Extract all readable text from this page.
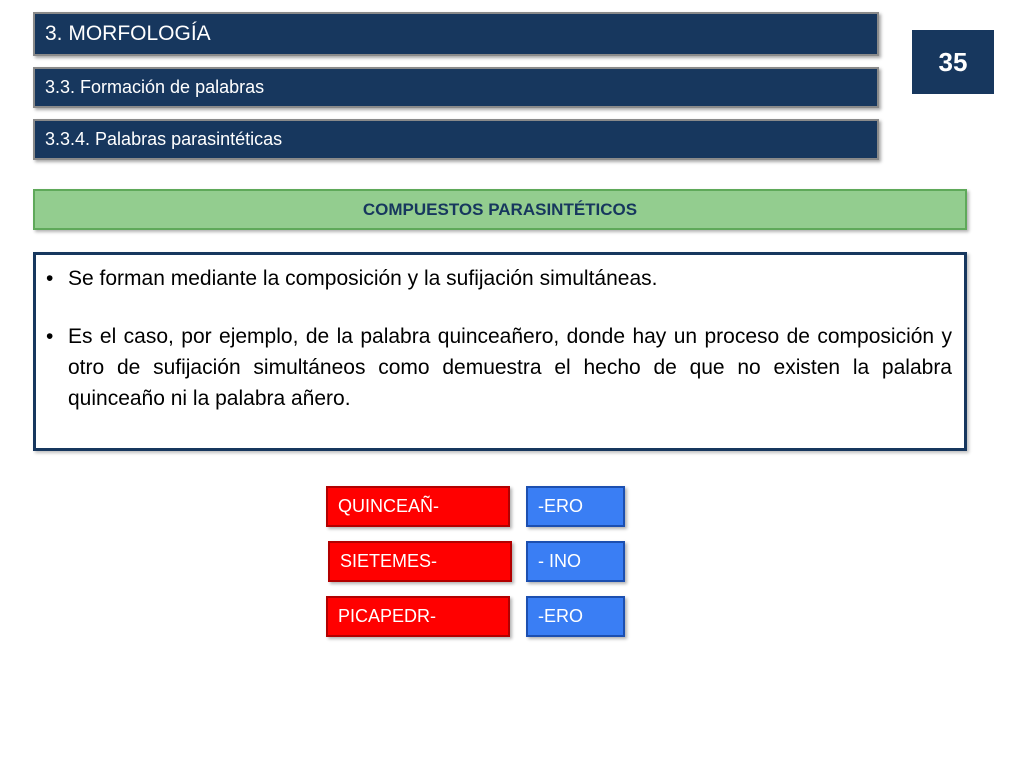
3. MORFOLOGÍA
3.3. Formación de palabras
3.3.4. Palabras parasintéticas
35
COMPUESTOS PARASINTÉTICOS
• Se forman mediante la composición y la sufijación simultáneas.
• Es el caso, por ejemplo, de la palabra quinceañero, donde hay un proceso de composición y otro de sufijación simultáneos como demuestra el hecho de que no existen la palabra quinceaño ni la palabra añero.
QUINCEAÑ-	-ERO
SIETEMES-	- INO
PICAPEDR-	-ERO
